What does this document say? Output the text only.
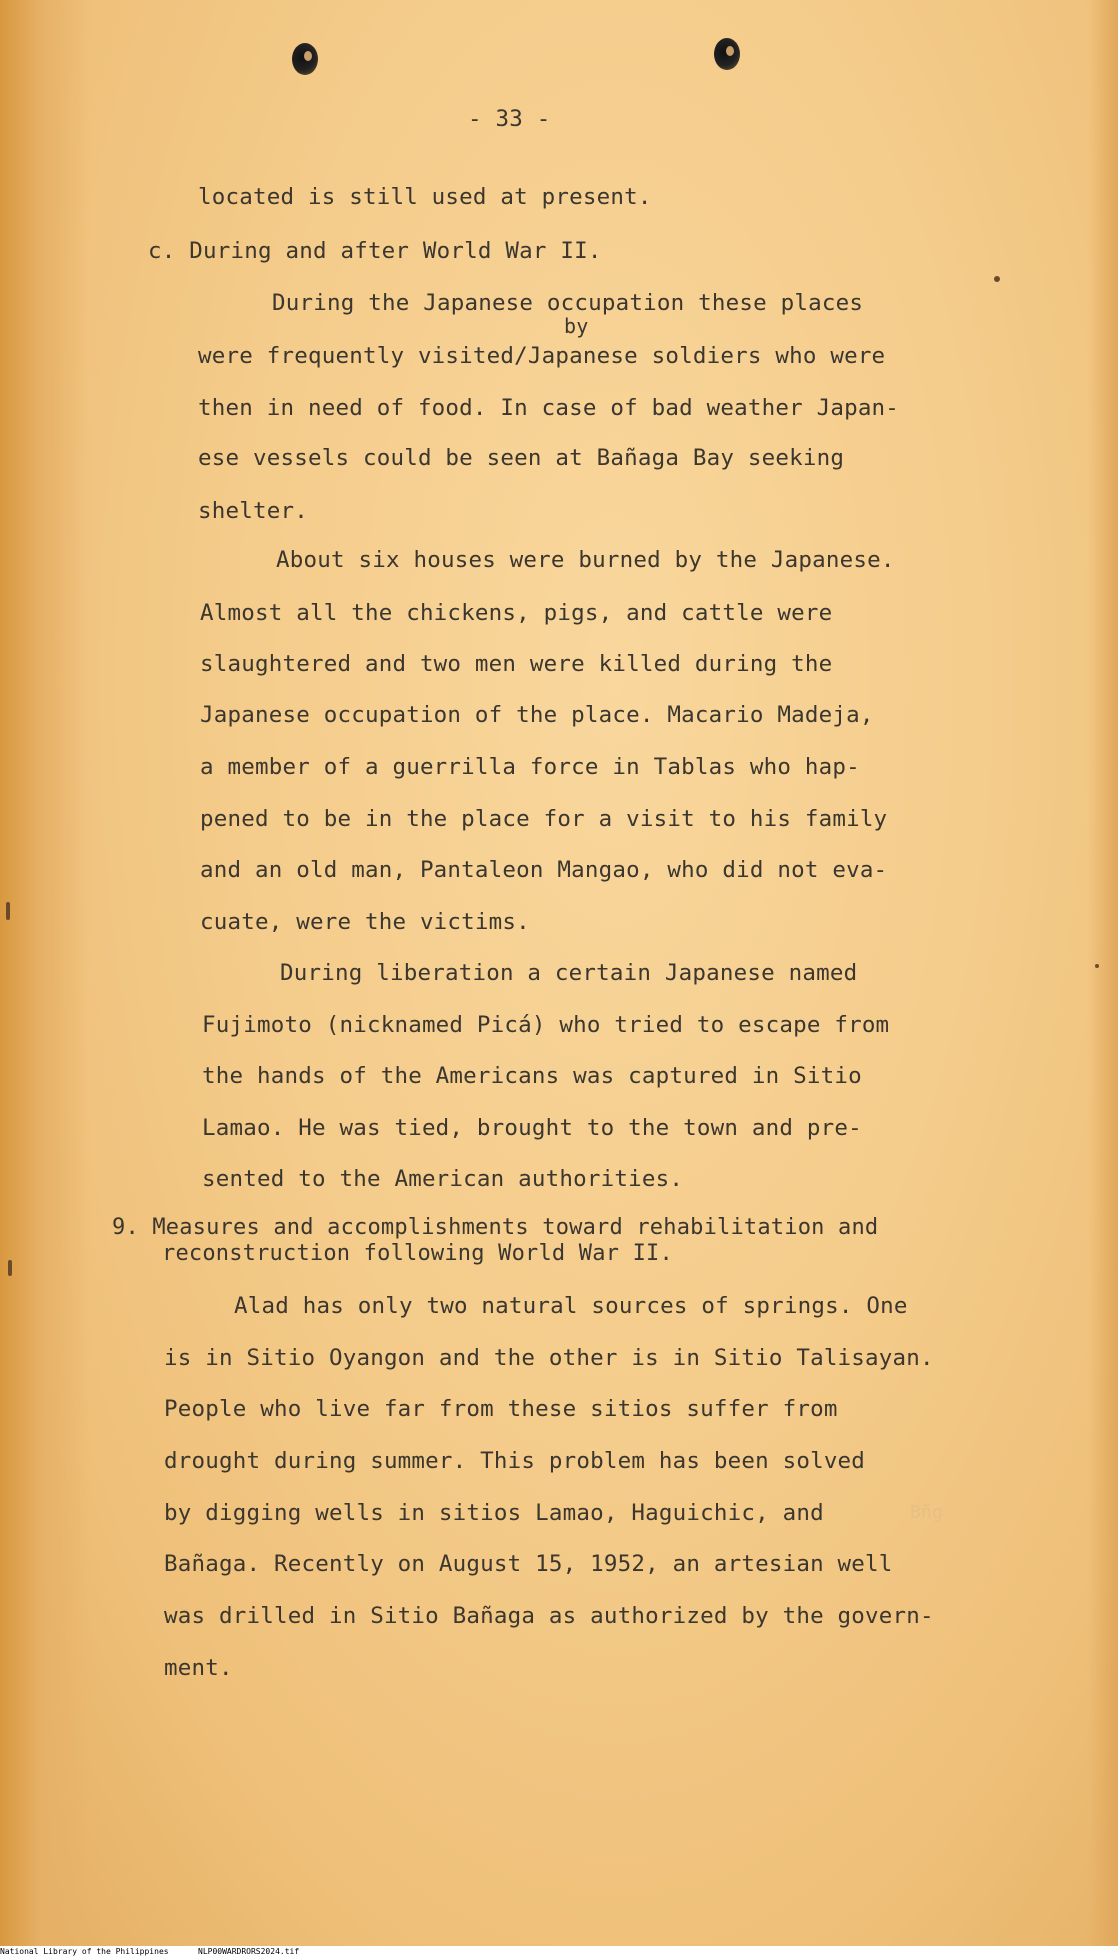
- 33 -
located is still used at present.
c. During and after World War II.
During the Japanese occupation these places
by
were frequently visited/Japanese soldiers who were
then in need of food. In case of bad weather Japan-
ese vessels could be seen at Bañaga Bay seeking
shelter.
About six houses were burned by the Japanese.
Almost all the chickens, pigs, and cattle were
slaughtered and two men were killed during the
Japanese occupation of the place. Macario Madeja,
a member of a guerrilla force in Tablas who hap-
pened to be in the place for a visit to his family
and an old man, Pantaleon Mangao, who did not eva-
cuate, were the victims.
During liberation a certain Japanese named
Fujimoto (nicknamed Picá) who tried to escape from
the hands of the Americans was captured in Sitio
Lamao. He was tied, brought to the town and pre-
sented to the American authorities.
9. Measures and accomplishments toward rehabilitation and
reconstruction following World War II.
Alad has only two natural sources of springs. One
is in Sitio Oyangon and the other is in Sitio Talisayan.
People who live far from these sitios suffer from
drought during summer. This problem has been solved
by digging wells in sitios Lamao, Haguichic, and	Bñg
Bañaga. Recently on August 15, 1952, an artesian well
was drilled in Sitio Bañaga as authorized by the govern-
ment.
National Library of the Philippines	NLP00WARDRORS2024.tif
